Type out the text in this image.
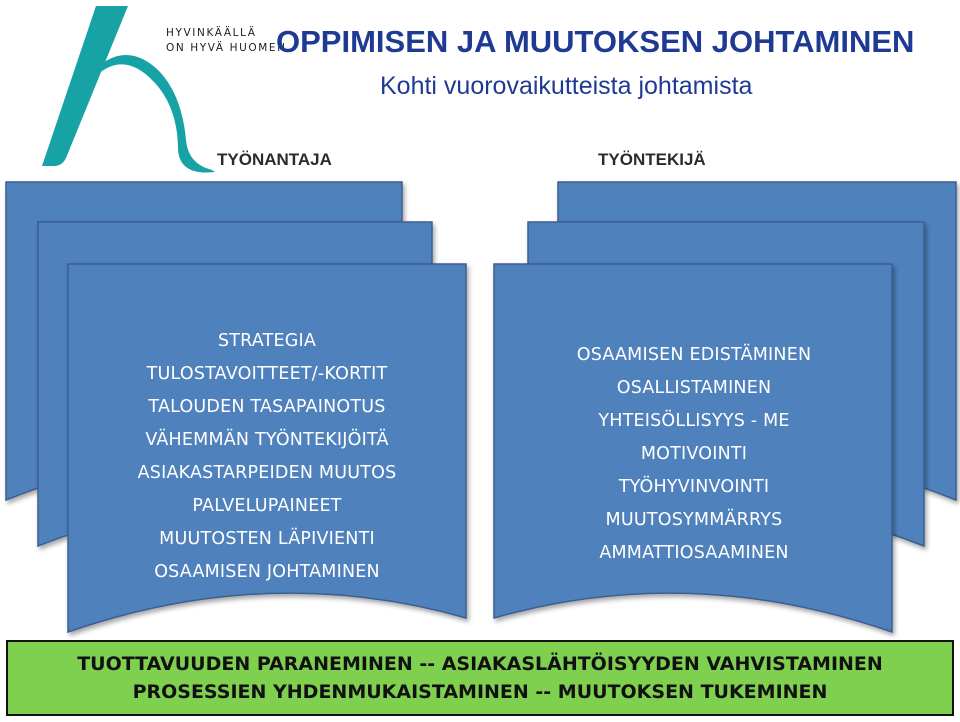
HYVINKÄÄLLÄ
ON HYVÄ HUOMEN.
OPPIMISEN JA MUUTOKSEN JOHTAMINEN
Kohti vuorovaikutteista johtamista
TYÖNANTAJA	TYÖNTEKIJÄ
STRATEGIA
TULOSTAVOITTEET/-KORTIT
TALOUDEN TASAPAINOTUS
VÄHEMMÄN TYÖNTEKIJÖITÄ
ASIAKASTARPEIDEN MUUTOS
PALVELUPAINEET
MUUTOSTEN LÄPIVIENTI
OSAAMISEN JOHTAMINEN
OSAAMISEN EDISTÄMINEN
OSALLISTAMINEN
YHTEISÖLLISYYS - ME
MOTIVOINTI
TYÖHYVINVOINTI
MUUTOSYMMÄRRYS
AMMATTIOSAAMINEN
TUOTTAVUUDEN PARANEMINEN -- ASIAKASLÄHTÖISYYDEN VAHVISTAMINEN
PROSESSIEN YHDENMUKAISTAMINEN -- MUUTOKSEN TUKEMINEN
